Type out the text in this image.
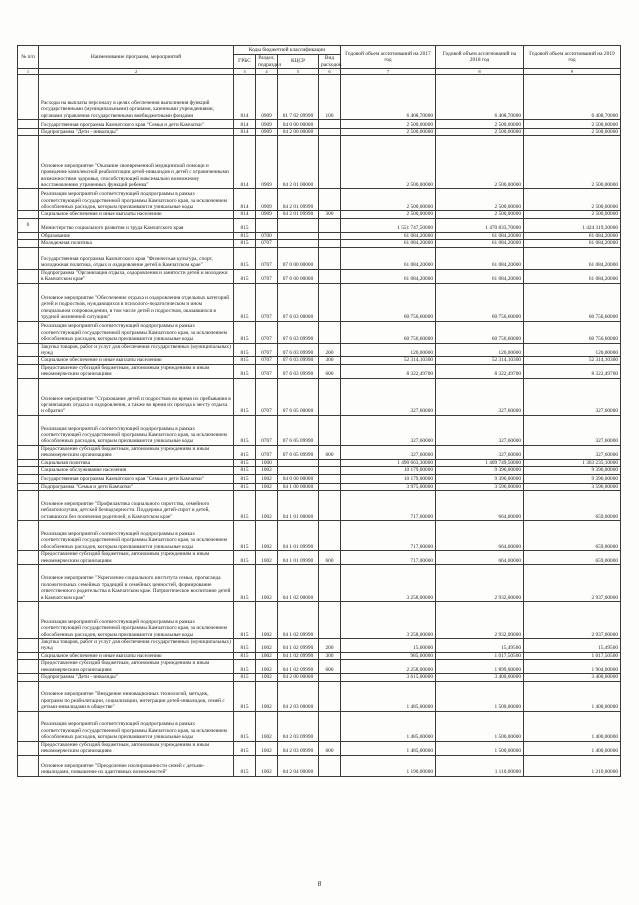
№ п/п	Наименование программ, мероприятий	Коды бюджетной классификации				Годовой объем ассигнований на 2017 год	Годовой объем ассигнований на 2018 год	Годовой объем ассигнований на 2019 год
		ГРБС	Раздел, подраздел	КЦСР	Вид расходов			
1	2	3	4	5	6	7	8	9
	Расходы на выплаты персоналу в целях обеспечения выполнения функций государственными (муниципальными) органами, казенными учреждениями, органами управления государственными внебюджетными фондами	814	0909	01 7 02 09990	100	6 408,70000	6 408,70000	6 408,70000
	Государственная программа Камчатского края "Семья и дети Камчатки"	814	0909	04 0 00 00000		2 500,00000	2 500,00000	2 500,00000
	Подпрограмма "Дети - инвалиды"	814	0909	04 2 00 00000		2 500,00000	2 500,00000	2 500,00000
	Основное мероприятие "Оказание своевременной медицинской помощи и проведение комплексной реабилитации детей-инвалидов и детей с ограниченными возможностями здоровья, способствующей максимально возможному восстановлению утраченных функций ребенка"	814	0909	04 2 01 00000		2 500,00000	2 500,00000	2 500,00000
	Реализация мероприятий соответствующей подпрограммы в рамках соответствующей государственной программы Камчатского края, за исключением обособленных расходов, которым присваиваются уникальные коды	814	0909	04 2 01 09990		2 500,00000	2 500,00000	2 500,00000
	Социальное обеспечение и иные выплаты населению	814	0909	04 2 01 09990	300	2 500,00000	2 500,00000	2 500,00000
6	Министерство социального развития и труда Камчатского края	815				1 551 747,50000	1 470 833,70000	1 424 319,30000
	Образование	815	0700			61 084,20000	61 084,20000	61 084,20000
	Молодежная политика	815	0707			61 084,20000	61 084,20000	61 084,20000
	Государственная программа Камчатского края "Физическая культура, спорт, молодежная политика, отдых и оздоровление детей в Камчатском крае"	815	0707	07 0 00 00000		61 084,20000	61 084,20000	61 084,20000
	Подпрограмма "Организация отдыха, оздоровления и занятости детей и молодежи в Камчатском крае"	815	0707	07 6 00 00000		61 084,20000	61 084,20000	61 084,20000
	Основное мероприятие "Обеспечение отдыха и оздоровления отдельных категорий детей и подростков, нуждающихся в психолого-педагогическом и ином специальном сопровождении, в том числе детей и подростков, оказавшихся в трудной жизненной ситуации"	815	0707	07 6 03 00000		60 756,60000	60 756,60000	60 756,60000
	Реализация мероприятий соответствующей подпрограммы в рамках соответствующей государственной программы Камчатского края, за исключением обособленных расходов, которым присваиваются уникальные коды	815	0707	07 6 03 09990		60 756,60000	60 756,60000	60 756,60000
	Закупка товаров, работ и услуг для обеспечения государственных (муниципальных) нужд	815	0707	07 6 03 09990	200	120,00000	120,00000	120,00000
	Социальное обеспечение и иные выплаты населению	815	0707	07 6 03 09990	300	52 314,10300	52 314,10300	52 314,10300
	Предоставление субсидий бюджетным, автономным учреждениям и иным некоммерческим организациям	815	0707	07 6 03 09990	600	8 322,49700	8 322,49700	8 322,49700
	Основное мероприятие "Страхование детей и подростков во время их пребывания в организациях отдыха и оздоровления, а также во время их проезда к месту отдыха и обратно"	815	0707	07 6 05 00000		327,60000	327,60000	327,60000
	Реализация мероприятий соответствующей подпрограммы в рамках соответствующей государственной программы Камчатского края, за исключением обособленных расходов, которым присваиваются уникальные коды	815	0707	07 6 05 09990		327,60000	327,60000	327,60000
	Предоставление субсидий бюджетным, автономным учреждениям и иным некоммерческим организациям	815	0707	07 6 05 09990	600	327,60000	327,60000	327,60000
	Социальная политика	815	1000			1 490 663,30000	1 409 749,50000	1 363 235,10000
	Социальное обслуживание населения	815	1002			10 179,00000	9 396,00000	9 396,00000
	Государственная программа Камчатского края "Семья и дети Камчатки"	815	1002	04 0 00 00000		10 179,00000	9 396,00000	9 396,00000
	Подпрограмма "Семья и дети Камчатки"	815	1002	04 1 00 00000		3 975,00000	3 596,00000	3 596,00000
	Основное мероприятие "Профилактика социального сиротства, семейного неблагополучия, детской безнадзорности. Поддержка детей-сирот и детей, оставшихся без попечения родителей, в Камчатском крае"	815	1002	04 1 01 00000		717,00000	664,00000	659,00000
	Реализация мероприятий соответствующей подпрограммы в рамках соответствующей государственной программы Камчатского края, за исключением обособленных расходов, которым присваиваются уникальные коды	815	1002	04 1 01 09990		717,00000	664,00000	659,00000
	Предоставление субсидий бюджетным, автономным учреждениям и иным некоммерческим организациям	815	1002	04 1 01 09990	600	717,00000	664,00000	659,00000
	Основное мероприятие "Укрепление социального института семьи, пропаганда положительных семейных традиций и семейных ценностей, формирование ответственного родительства в Камчатском крае. Патриотическое воспитание детей в Камчатском крае"	815	1002	04 1 02 00000		3 258,00000	2 932,00000	2 937,00000
	Реализация мероприятий соответствующей подпрограммы в рамках соответствующей государственной программы Камчатского края, за исключением обособленных расходов, которым присваиваются уникальные коды	815	1002	04 1 02 09990		3 258,00000	2 932,00000	2 937,00000
	Закупка товаров, работ и услуг для обеспечения государственных (муниципальных) нужд	815	1002	04 1 02 09990	200	15,00000	15,49500	15,49500
	Социальное обеспечение и иные выплаты населению	815	1002	04 1 02 09990	300	985,00000	1 017,50500	1 017,50500
	Предоставление субсидий бюджетным, автономным учреждениям и иным некоммерческим организациям	815	1002	04 1 02 09990	600	2 258,00000	1 899,00000	1 904,00000
	Подпрограмма "Дети - инвалиды"	815	1002	04 2 00 00000		3 615,00000	3 400,00000	3 400,00000
	Основное мероприятие "Внедрение инновационных технологий, методик, программ по реабилитации, социализации, интеграции детей-инвалидов, семей с детьми-инвалидами в обществе"	815	1002	04 2 03 00000		1 485,00000	1 500,00000	1 400,00000
	Реализация мероприятий соответствующей подпрограммы в рамках соответствующей государственной программы Камчатского края, за исключением обособленных расходов, которым присваиваются уникальные коды	815	1002	04 2 03 09990		1 485,00000	1 500,00000	1 400,00000
	Предоставление субсидий бюджетным, автономным учреждениям и иным некоммерческим организациям	815	1002	04 2 03 09990	600	1 485,00000	1 500,00000	1 400,00000
	Основное мероприятие "Преодоление изолированности семей с детьми-инвалидами, повышение их адаптивных возможностей"	815	1002	04 2 04 00000		1 190,00000	1 110,00000	1 210,00000
8
